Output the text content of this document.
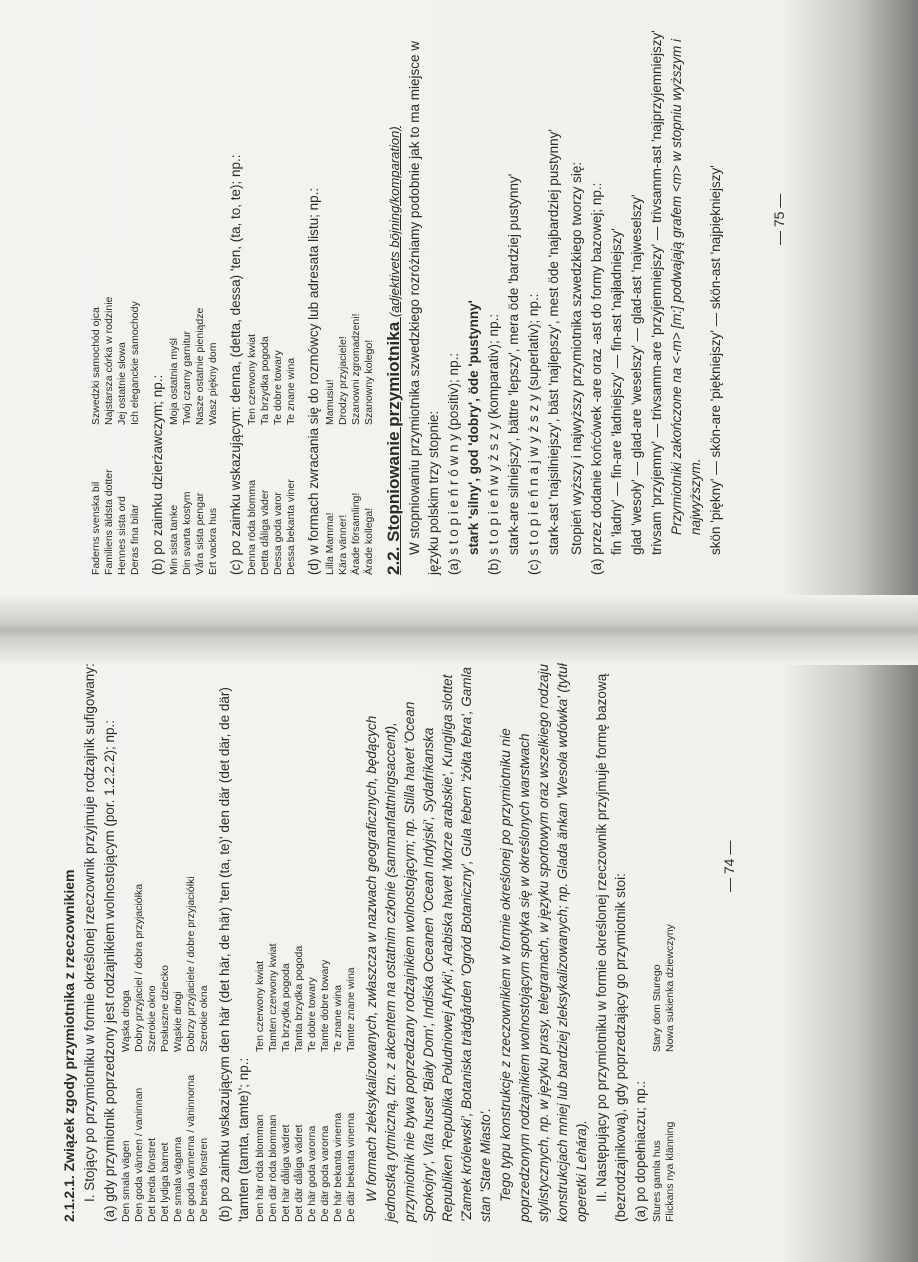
2.1.2.1. Związek zgody przymiotnika z rzeczownikiem I. Stojący po przymiotniku w formie określonej rzeczownik przyjmuje rodzajnik sufigowany: (a) gdy przymiotnik poprzedzony jest rodzajnikiem wolnostojącym (por. 1.2.2.2); np.: Den smala vägen
Wąska droga
Den goda vännen / vaninnan
Dobry przyjaciel / dobra przyjaciółka
Det breda fönstret
Szerokie okno
Det lydiga barnet
Posłuszne dziecko
De smala vägarna
Wąskie drogi
De goda vännerna / väninnorna
Dobrzy przyjaciele / dobre przyjaciółki
De breda fönstren
Szerokie okna (b) po zaimku wskazującym den här (det här, de här) 'ten (ta, te)' den där (det där, de där) 'tamten (tamta, tamte)'; np.: Den här röda blomman
Ten czerwony kwiat
Den där röda blomman
Tamten czerwony kwiat
Det här dåliga vädret
Ta brzydka pogoda
Det där dåliga vädret
Tamta brzydka pogoda
De här goda varorna
Te dobre towary
De där goda varorna
Tamte dobre towary
De här bekanta vinerna
Te znane wina
De där bekanta vinerna
Tamte znane wina W formach zleksykalizowanych, zwłaszcza w nazwach geograficznych, będących jednostką rytmiczną, tzn. z akcentem na ostatnim członie (sammanfattningsaccent), przymiotnik nie bywa poprzedzany rodzajnikiem wolnostojącym; np. Stilla havet 'Ocean Spokojny', Vita huset 'Biały Dom', Indiska Oceanen 'Ocean Indyjski', Sydafrikanska Republiken 'Republika Południowej Afryki', Arabiska havet 'Morze arabskie', Kungliga slottet 'Zamek królewski', Botaniska trädgården 'Ogród Botaniczny', Gula febern 'żółta febra', Gamla stan 'Stare Miasto'. Tego typu konstrukcje z rzeczownikiem w formie określonej po przymiotniku nie poprzedzonym rodzajnikiem wolnostojącym spotyka się w określonych warstwach stylistycznych, np. w języku prasy, telegramach, w języku sportowym oraz wszelkiego rodzaju konstrukcjach mniej lub bardziej zleksykalizowanych; np. Glada änkan 'Wesoła wdówka' (tytuł operetki Lehára). II. Następujący po przymiotniku w formie określonej rzeczownik przyjmuje formę bazową (bezrodzajnikową), gdy poprzedzający go przymiotnik stoi: (a) po dopełniaczu; np.: Stures gamla hus
Stary dom Sturego
Flickans nya klänning
Nowa sukienka dziewczyny
— 74 —
Faderns svenska bil
Szwedzki samochód ojca
Familiens äldsta dotter
Najstarsza córka w rodzinie
Hennes sista ord
Jej ostatnie słowa
Deras fina bilar
Ich eleganckie samochody
(b) po zaimku dzierżawczym; np.: Min sista tanke
Moja ostatnia myśl
Din svarta kostym
Twój czarny garnitur
Våra sista pengar
Nasze ostatnie pieniądze
Ert vackra hus
Wasz piękny dom (c) po zaimku wskazującym: denna, (detta, dessa) 'ten, (ta, to, te); np.: Denna röda blomma
Ten czerwony kwiat
Detta dåliga väder
Ta brzydka pogoda
Dessa goda varor
Te dobre towary
Dessa bekanta viner
Te znane wina (d) w formach zwracania się do rozmówcy lub adresata listu; np.: Lilla Mamma!
Mamusiu!
Kära vänner!
Drodzy przyjaciele!
Ärade församling!
Szanowni zgromadzeni!
Ärade kollega!
Szanowny kolego! 2.2. Stopniowanie przymiotnika (adjektivets böjning/komparation) W stopniowaniu przymiotnika szwedzkiego rozróżniamy podobnie jak to ma miejsce w języku polskim trzy stopnie: (a) s t o p i e ń r ó w n y (positiv); np.: stark 'silny', god 'dobry', öde 'pustynny' (b) s t o p i e ń w y ż s z y (komparativ); np.: stark-are silniejszy', bättre 'lepszy', mera öde 'bardziej pustynny' (c) s t o p i e ń n a j w y ż s z y (superlativ); np.: stark-ast 'najsilniejszy', bäst 'najlepszy', mest öde 'najbardziej pustynny' Stopień wyższy i najwyższy przymiotnika szwedzkiego tworzy się: (a) przez dodanie końcówek -are oraz -ast do formy bazowej; np.: fin 'ładny' — fin-are 'ładniejszy' — fin-ast 'najładniejszy' glad 'wesoły' — glad-are 'weselszy' — glad-ast 'najweselszy' trivsam 'przyjemny' — trivsamm-are 'przyjemniejszy' — trivsamm-ast 'najprzyjemniejszy' Przymiotniki zakończone na <-m> [m:] podwajają grafem <m> w stopniu wyższym i najwyższym. skön 'piękny' — skön-are 'piękniejszy' — skön-ast 'najpiękniejszy'	— 75 —
